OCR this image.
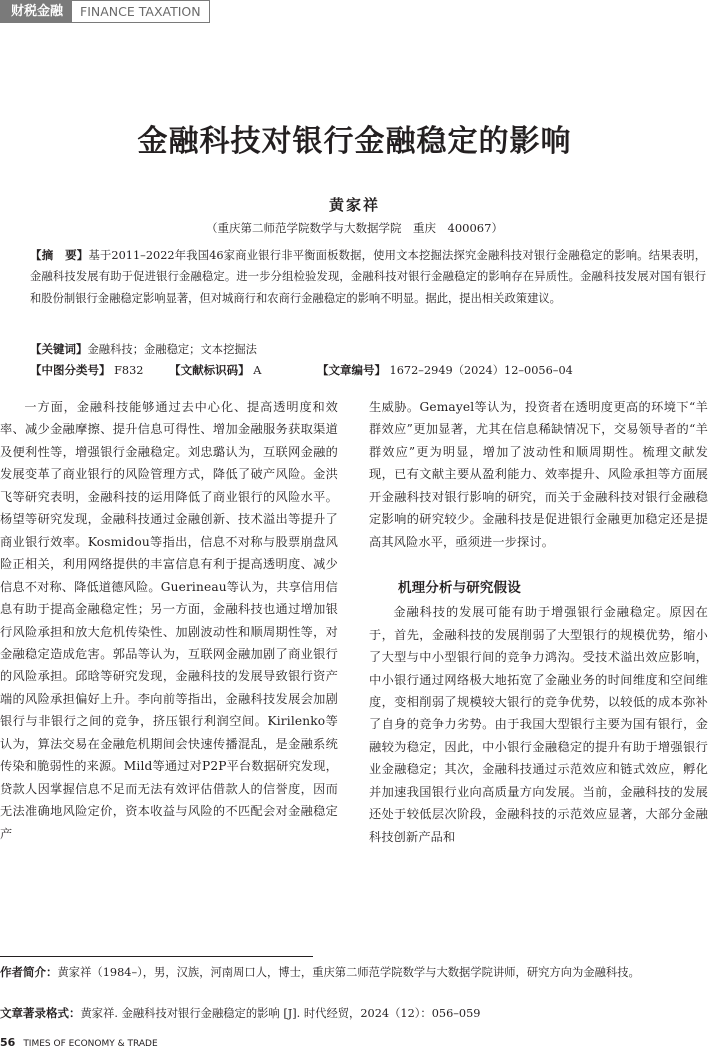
财税金融	FINANCE TAXATION
金融科技对银行金融稳定的影响
黄家祥
（重庆第二师范学院数学与大数据学院　重庆　400067）
【摘　要】基于2011–2022年我国46家商业银行非平衡面板数据，使用文本挖掘法探究金融科技对银行金融稳定的影响。结果表明，金融科技发展有助于促进银行金融稳定。进一步分组检验发现，金融科技对银行金融稳定的影响存在异质性。金融科技发展对国有银行和股份制银行金融稳定影响显著，但对城商行和农商行金融稳定的影响不明显。据此，提出相关政策建议。
【关键词】金融科技；金融稳定；文本挖掘法
【中图分类号】 F832 【文献标识码】 A	【文章编号】 1672–2949（2024）12–0056–04

一方面，金融科技能够通过去中心化、提高透明度和效率、减少金融摩擦、提升信息可得性、增加金融服务获取渠道及便利性等，增强银行金融稳定。刘忠璐认为，互联网金融的发展变革了商业银行的风险管理方式，降低了破产风险。金洪飞等研究表明，金融科技的运用降低了商业银行的风险水平。杨望等研究发现，金融科技通过金融创新、技术溢出等提升了商业银行效率。Kosmidou等指出，信息不对称与股票崩盘风险正相关，利用网络提供的丰富信息有利于提高透明度、减少信息不对称、降低道德风险。Guerineau等认为，共享信用信息有助于提高金融稳定性；另一方面，金融科技也通过增加银行风险承担和放大危机传染性、加剧波动性和顺周期性等，对金融稳定造成危害。郭品等认为，互联网金融加剧了商业银行的风险承担。邱晗等研究发现，金融科技的发展导致银行资产端的风险承担偏好上升。李向前等指出，金融科技发展会加剧银行与非银行之间的竞争，挤压银行利润空间。Kirilenko等认为，算法交易在金融危机期间会快速传播混乱，是金融系统传染和脆弱性的来源。Mild等通过对P2P平台数据研究发现，贷款人因掌握信息不足而无法有效评估借款人的信誉度，因而无法准确地风险定价，资本收益与风险的不匹配会对金融稳定产

生威胁。Gemayel等认为，投资者在透明度更高的环境下“羊群效应”更加显著，尤其在信息稀缺情况下，交易领导者的“羊群效应”更为明显，增加了波动性和顺周期性。梳理文献发现，已有文献主要从盈利能力、效率提升、风险承担等方面展开金融科技对银行影响的研究，而关于金融科技对银行金融稳定影响的研究较少。金融科技是促进银行金融更加稳定还是提高其风险水平，亟须进一步探讨。

机理分析与研究假设

金融科技的发展可能有助于增强银行金融稳定。原因在于，首先，金融科技的发展削弱了大型银行的规模优势，缩小了大型与中小型银行间的竞争力鸿沟。受技术溢出效应影响，中小银行通过网络极大地拓宽了金融业务的时间维度和空间维度，变相削弱了规模较大银行的竞争优势，以较低的成本弥补了自身的竞争力劣势。由于我国大型银行主要为国有银行，金融较为稳定，因此，中小银行金融稳定的提升有助于增强银行业金融稳定；其次，金融科技通过示范效应和链式效应，孵化并加速我国银行业向高质量方向发展。当前，金融科技的发展还处于较低层次阶段，金融科技的示范效应显著，大部分金融科技创新产品和

作者简介：黄家祥（1984–），男，汉族，河南周口人，博士，重庆第二师范学院数学与大数据学院讲师，研究方向为金融科技。
文章著录格式：黄家祥. 金融科技对银行金融稳定的影响 [J]. 时代经贸，2024（12）：056–059
56 TIMES OF ECONOMY & TRADE
